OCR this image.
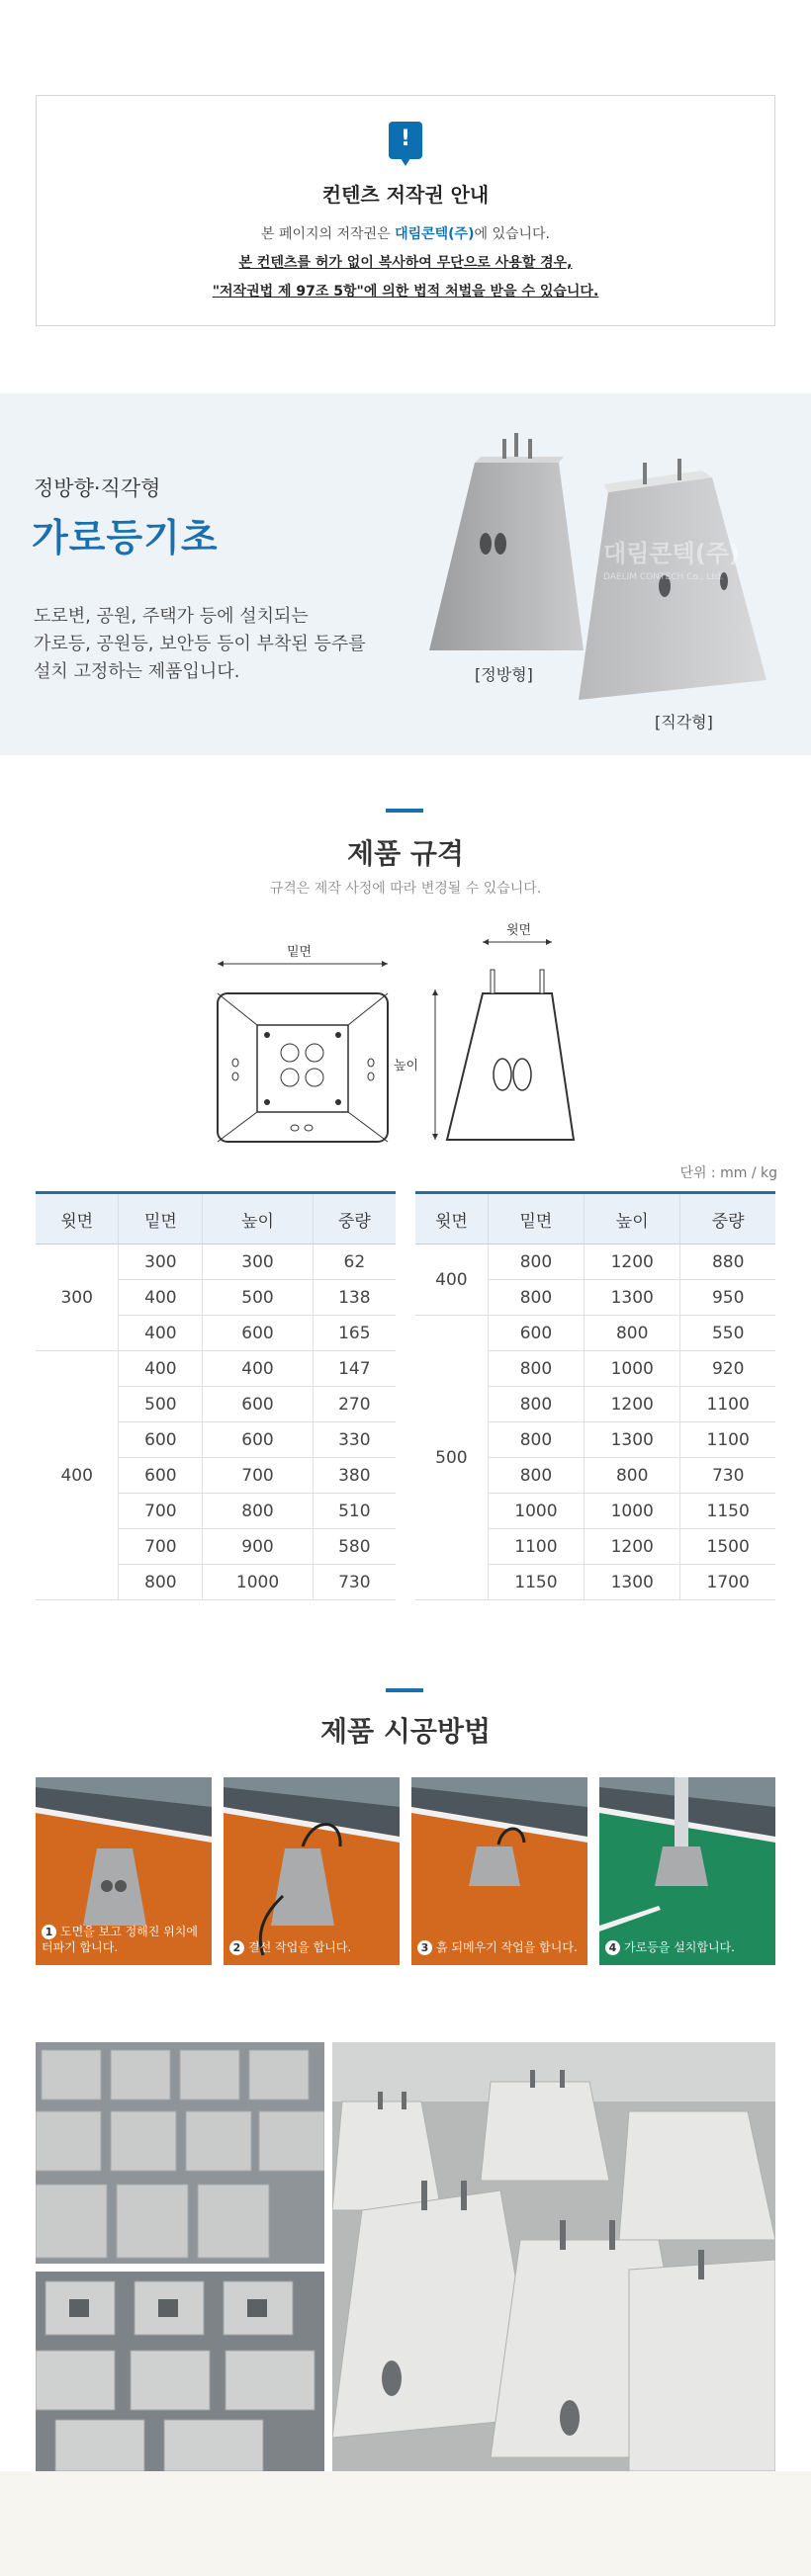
!
컨텐츠 저작권 안내
본 페이지의 저작권은 대림콘텍(주)에 있습니다.
본 컨텐츠를 허가 없이 복사하여 무단으로 사용할 경우,
"저작권법 제 97조 5항"에 의한 법적 처벌을 받을 수 있습니다.
정방향·직각형
가로등기초
도로변, 공원, 주택가 등에 설치되는
가로등, 공원등, 보안등 등이 부착된 등주를
설치 고정하는 제품입니다.
대림콘텍(주)
DAELIM CONTECH Co., Ltd.
[정방형]
[직각형]
제품 규격
규격은 제작 사정에 따라 변경될 수 있습니다.
밑면
윗면
높이
단위 : mm / kg
윗면	밑면	높이	중량
300	300	300	62
	400	500	138
	400	600	165
400	400	400	147
	500	600	270
	600	600	330
	600	700	380
	700	800	510
	700	900	580
	800	1000	730
윗면	밑면	높이	중량
400	800	1200	880
	800	1300	950
500	600	800	550
	800	1000	920
	800	1200	1100
	800	1300	1100
	800	800	730
	1000	1000	1150
	1100	1200	1500
	1150	1300	1700
제품 시공방법
1 도면을 보고 정해진 위치에 터파기 합니다.	2 결선 작업을 합니다.	3 흙 되메우기 작업을 합니다.	4 가로등을 설치합니다.
